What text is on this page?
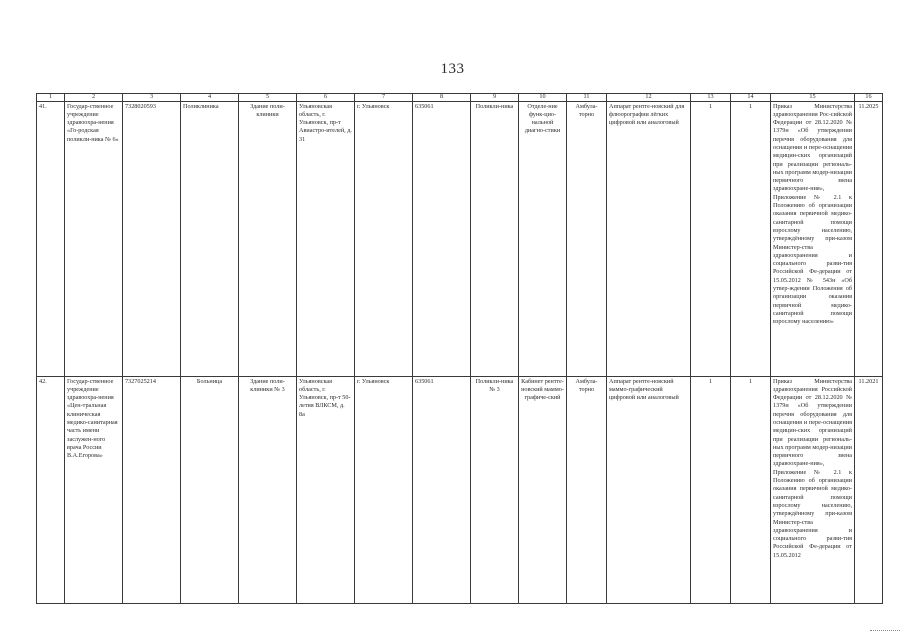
133
1	2	3	4	5	6	7	8	9	10	11	12	13	14	15	16
41.	Государ-ственное учреждение здравоохра-нения «Го-родская поликли-ника № 6»	7328020593	Поликлиника	Здание поли-клиники	Ульяновская область, г. Ульяновск, пр-т Авиастро-ителей, д. 31	г. Ульяновск	635061	Поликли-ника	Отделе-ние функ-цио-нальной диагно-стики	Амбула-торно	Аппарат рентге-новский для флюорографии лёгких цифровой или аналоговый	1	1	Приказ Министерства здравоохранения Рос-сийской Федерации от 28.12.2020 № 1379н «Об утверждении перечня оборудования для оснащения и пере-оснащения медицин-ских организаций при реализации региональ-ных программ модер-низации первичного звена здравоохране-ния», Приложение № 2.1 к Положению об организации оказания первичной медико-санитарной помощи взрослому населению, утверждённому при-казом Министер-ства здравоохранения и социального разви-тия Российской Фе-дерации от 15.05.2012 № 543н «Об утвер-ждении Положения об организации оказания первичной медико-санитарной помощи взрослому населению»	11.2025
42.	Государ-ственное учреждение здравоохра-нения «Цен-тральная клиническая медико-санитарная часть имени заслужен-ного врача России В.А.Егорова»	7327025214	Больница	Здание поли-клиники № 3	Ульяновская область, г. Ульяновск, пр-т 50-летия ВЛКСМ, д. 8а	г. Ульяновск	635061	Поликли-ника № 3	Кабинет рентге-новский маммо-графиче-ский	Амбула-торно	Аппарат рентге-новский маммо-графический цифровой или аналоговый	1	1	Приказ Министерства здравоохранения Российской Федерации от 28.12.2020 № 1379н «Об утверждении перечня оборудования для оснащения и пере-оснащения медицин-ских организаций при реализации региональ-ных программ модер-низации первичного звена здравоохране-ния», Приложение № 2.1 к Положению об организации оказания первичной медико-санитарной помощи взрослому населению, утверждённому при-казом Министер-ства здравоохранения и социального разви-тия Российской Фе-дерации от 15.05.2012	11.2021
